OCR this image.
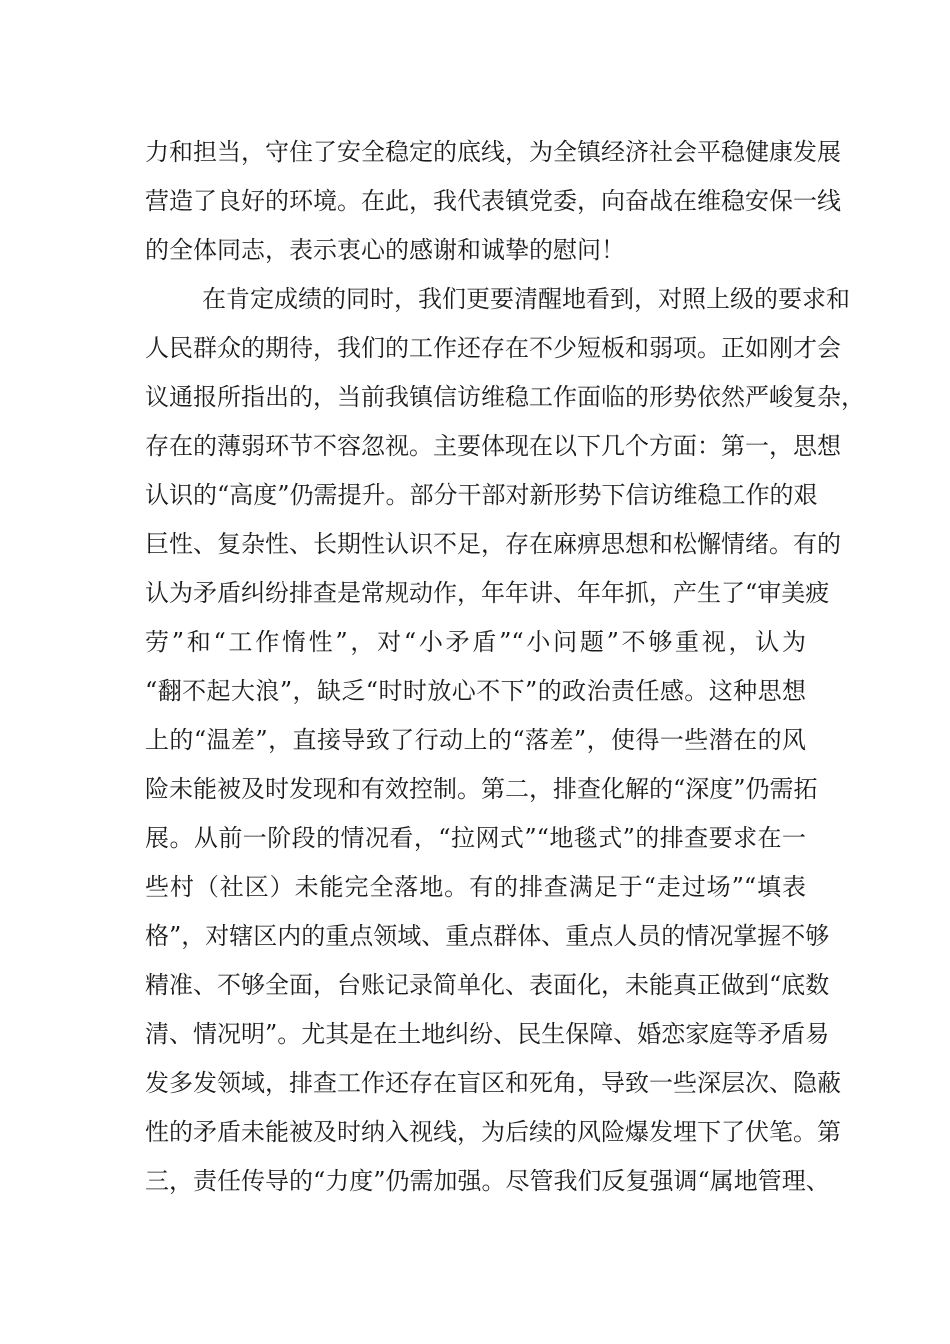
力和担当，守住了安全稳定的底线，为全镇经济社会平稳健康发展
营造了良好的环境。在此，我代表镇党委，向奋战在维稳安保一线
的全体同志，表示衷心的感谢和诚挚的慰问！
在肯定成绩的同时，我们更要清醒地看到，对照上级的要求和
人民群众的期待，我们的工作还存在不少短板和弱项。正如刚才会
议通报所指出的，当前我镇信访维稳工作面临的形势依然严峻复杂，
存在的薄弱环节不容忽视。主要体现在以下几个方面：第一，思想
认识的“高度”仍需提升。部分干部对新形势下信访维稳工作的艰
巨性、复杂性、长期性认识不足，存在麻痹思想和松懈情绪。有的
认为矛盾纠纷排查是常规动作，年年讲、年年抓，产生了“审美疲
劳”和“工作惰性”，对“小矛盾”“小问题”不够重视，认为
“翻不起大浪”，缺乏“时时放心不下”的政治责任感。这种思想
上的“温差”，直接导致了行动上的“落差”，使得一些潜在的风
险未能被及时发现和有效控制。第二，排查化解的“深度”仍需拓
展。从前一阶段的情况看，“拉网式”“地毯式”的排查要求在一
些村（社区）未能完全落地。有的排查满足于“走过场”“填表
格”，对辖区内的重点领域、重点群体、重点人员的情况掌握不够
精准、不够全面，台账记录简单化、表面化，未能真正做到“底数
清、情况明”。尤其是在土地纠纷、民生保障、婚恋家庭等矛盾易
发多发领域，排查工作还存在盲区和死角，导致一些深层次、隐蔽
性的矛盾未能被及时纳入视线，为后续的风险爆发埋下了伏笔。第
三，责任传导的“力度”仍需加强。尽管我们反复强调“属地管理、
